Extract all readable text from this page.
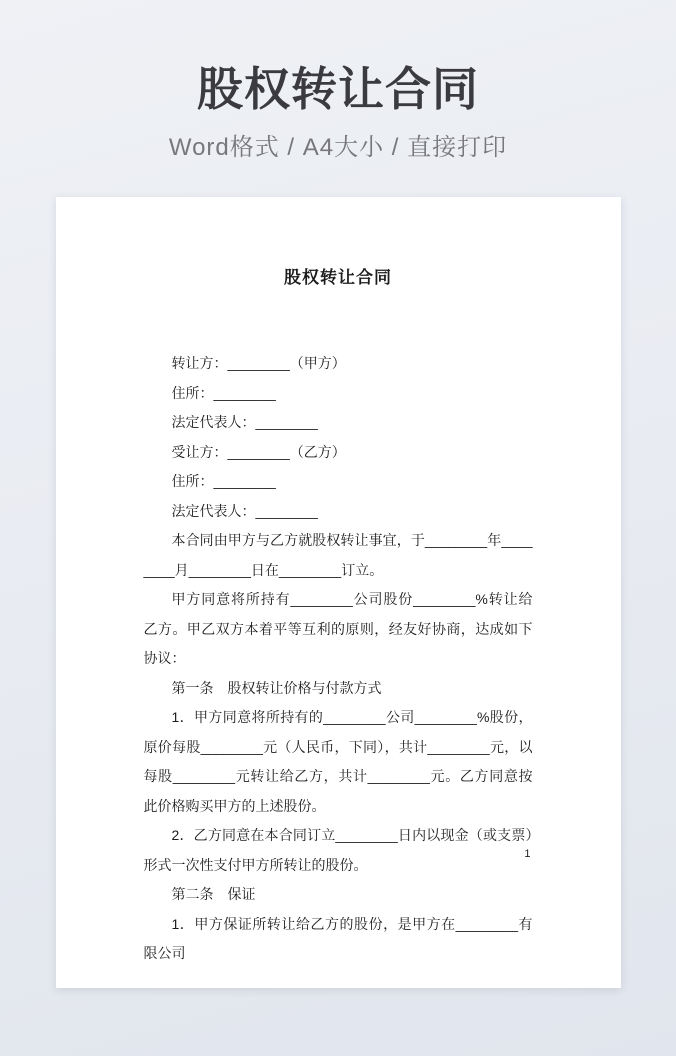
股权转让合同
Word格式 / A4大小 / 直接打印
股权转让合同

转让方：________（甲方）

住所：________

法定代表人：________

受让方：________（乙方）

住所：________

法定代表人：________

本合同由甲方与乙方就股权转让事宜，于________年________月________日在________订立。

甲方同意将所持有________公司股份________%转让给乙方。甲乙双方本着平等互利的原则，经友好协商，达成如下协议：

第一条　股权转让价格与付款方式

1．甲方同意将所持有的________公司________%股份，原价每股________元（人民币，下同），共计________元，以每股________元转让给乙方，共计________元。乙方同意按此价格购买甲方的上述股份。

2．乙方同意在本合同订立________日内以现金（或支票）形式一次性支付甲方所转让的股份。

第二条　保证

1．甲方保证所转让给乙方的股份，是甲方在________有限公司

1
